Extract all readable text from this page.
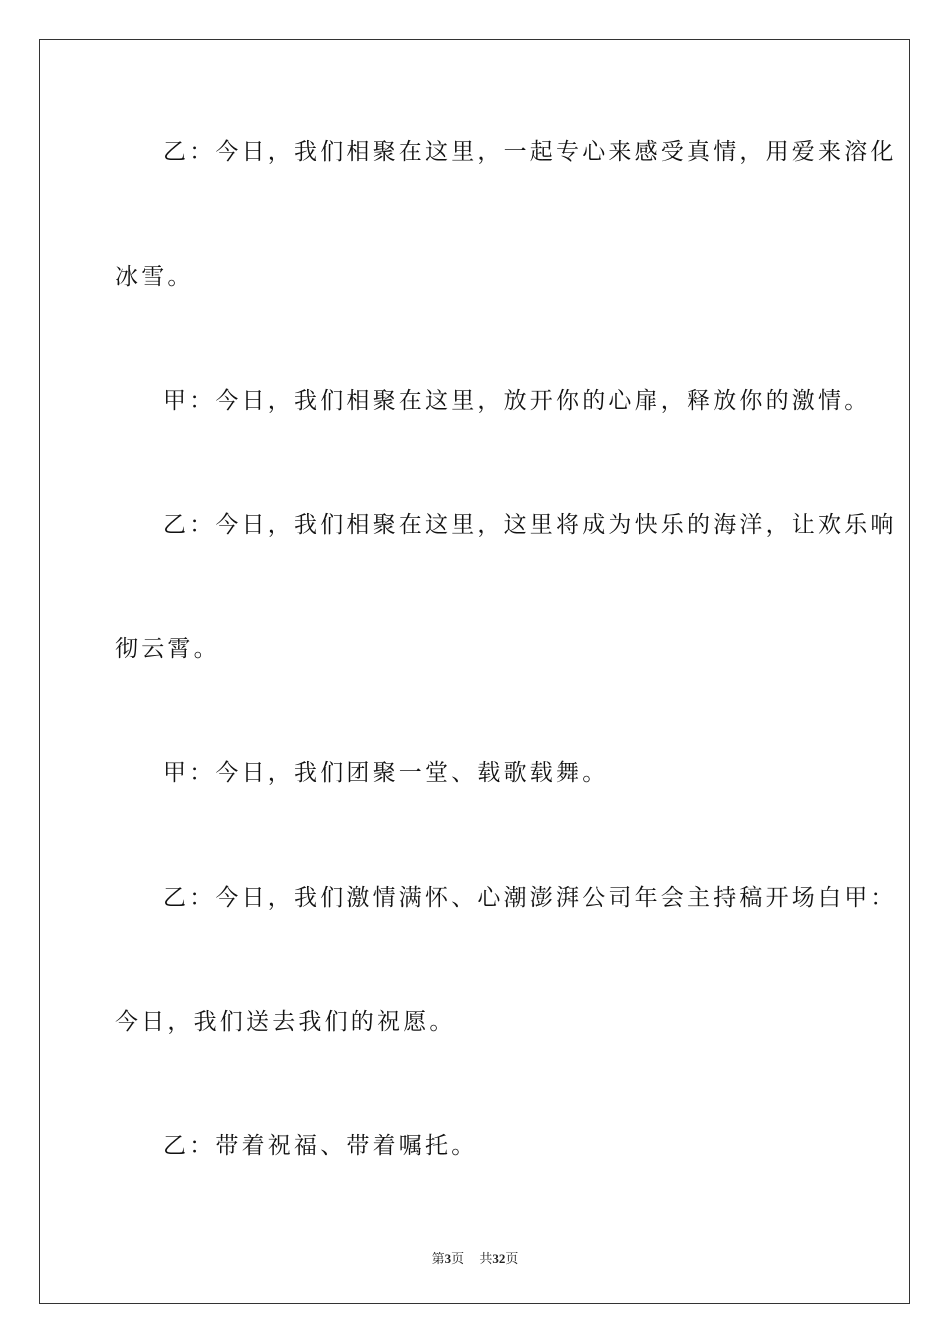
乙：今日，我们相聚在这里，一起专心来感受真情，用爱来溶化
冰雪。
甲：今日，我们相聚在这里，放开你的心扉，释放你的激情。
乙：今日，我们相聚在这里，这里将成为快乐的海洋，让欢乐响
彻云霄。
甲：今日，我们团聚一堂、载歌载舞。
乙：今日，我们激情满怀、心潮澎湃公司年会主持稿开场白甲：
今日，我们送去我们的祝愿。
乙：带着祝福、带着嘱托。
第3页 共32页
